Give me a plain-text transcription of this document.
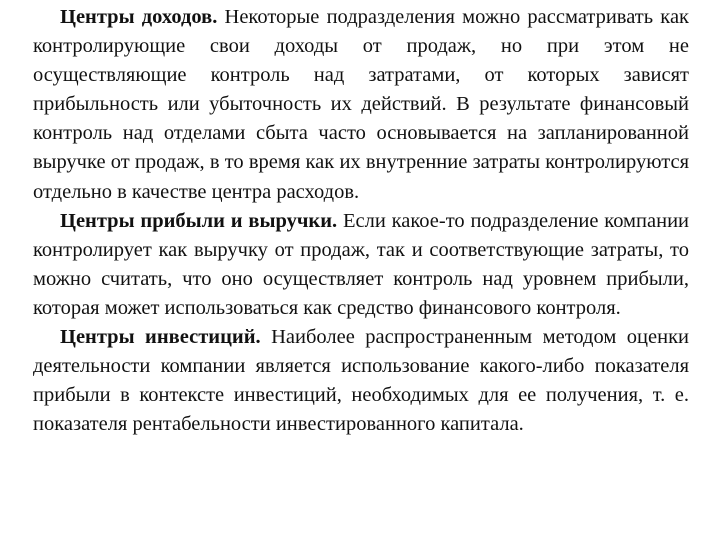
Центры доходов. Некоторые подразделения можно рассматривать как контролирующие свои доходы от продаж, но при этом не осуществляющие контроль над затратами, от которых зависят прибыльность или убыточность их действий. В результате финансовый контроль над отделами сбыта часто основывается на запланированной выручке от продаж, в то время как их внутренние затраты контролируются отдельно в качестве центра расходов.

Центры прибыли и выручки. Если какое-то подразделение компании контролирует как выручку от продаж, так и соответствующие затраты, то можно считать, что оно осуществляет контроль над уровнем прибыли, которая может использоваться как средство финансового контроля.

Центры инвестиций. Наиболее распространенным методом оценки деятельности компании является использование какого-либо показателя прибыли в контексте инвестиций, необходимых для ее получения, т. е. показателя рентабельности инвестированного капитала.
